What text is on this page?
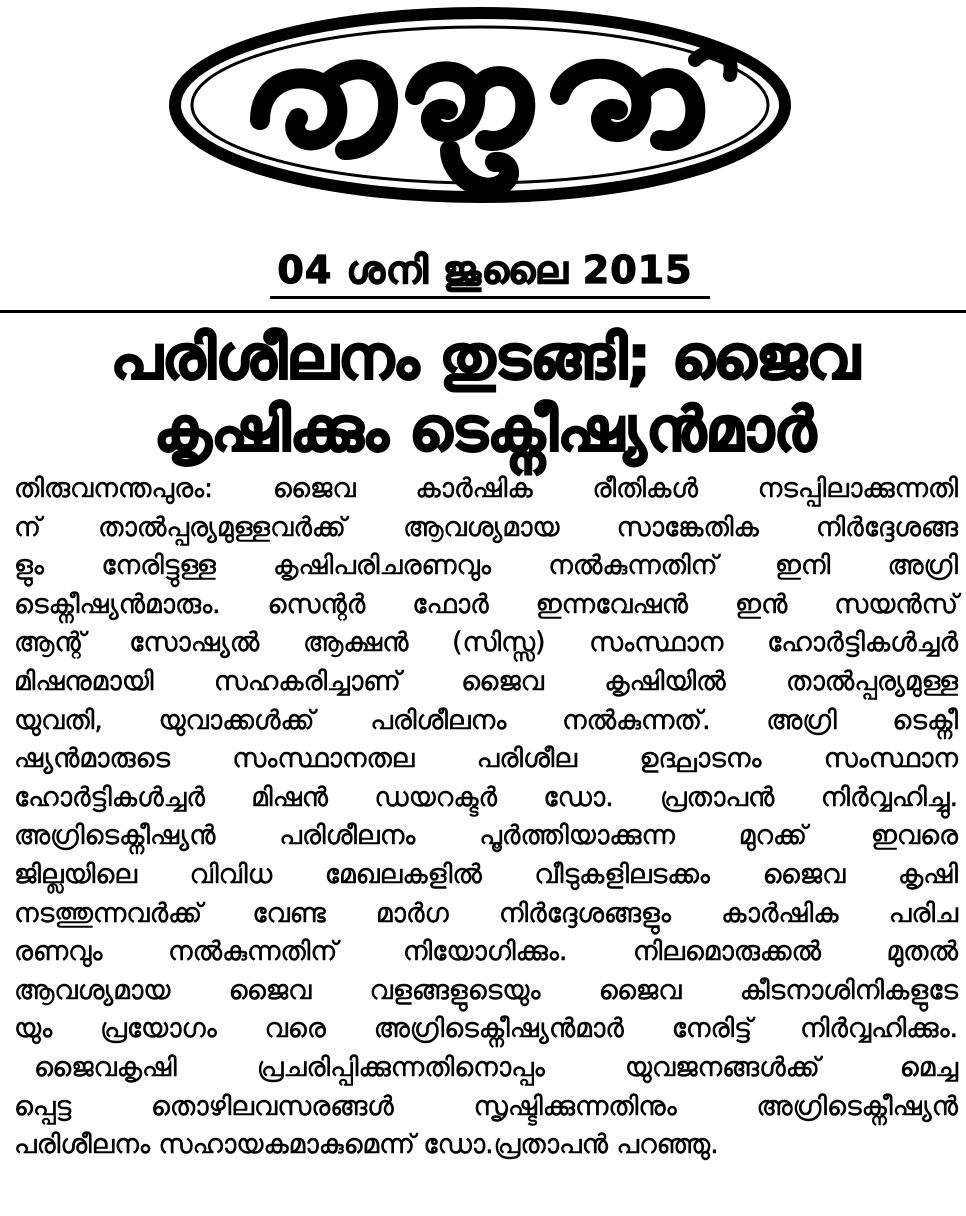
04 ശനി ജൂലൈ 2015
പരിശീലനം തുടങ്ങി; ജൈവ
കൃഷിക്കും ടെക്നീഷ്യൻമാർ
തിരുവനന്തപുരം: ജൈവ കാർഷിക രീതികൾ നടപ്പിലാക്കുന്നതി
ന് താൽപ്പര്യമുള്ളവർക്ക് ആവശ്യമായ സാങ്കേതിക നിർദ്ദേശങ്ങ
ളും നേരിട്ടുള്ള കൃഷിപരിചരണവും നൽകുന്നതിന് ഇനി അഗ്രി
ടെക്നീഷ്യൻമാരും. സെന്റർ ഫോർ ഇന്നവേഷൻ ഇൻ സയൻസ്
ആന്റ് സോഷ്യൽ ആക്ഷൻ (സിസ്സ) സംസ്ഥാന ഹോർട്ടികൾച്ചർ
മിഷനുമായി സഹകരിച്ചാണ് ജൈവ കൃഷിയിൽ താൽപ്പര്യമുള്ള
യുവതി, യുവാക്കൾക്ക് പരിശീലനം നൽകുന്നത്. അഗ്രി ടെക്നീ
ഷ്യൻമാരുടെ സംസ്ഥാനതല പരിശീല ഉദ്ഘാടനം സംസ്ഥാന
ഹോർട്ടികൾച്ചർ മിഷൻ ഡയറക്ടർ ഡോ. പ്രതാപൻ നിർവ്വഹിച്ചു.
അഗ്രിടെക്നീഷ്യൻ പരിശീലനം പൂർത്തിയാക്കുന്ന മുറക്ക് ഇവരെ
ജില്ലയിലെ വിവിധ മേഖലകളിൽ വീടുകളിലടക്കം ജൈവ കൃഷി
നടത്തുന്നവർക്ക് വേണ്ട മാർഗ നിർദ്ദേശങ്ങളും കാർഷിക പരിച
രണവും നൽകുന്നതിന് നിയോഗിക്കും. നിലമൊരുക്കൽ മുതൽ
ആവശ്യമായ ജൈവ വളങ്ങളുടെയും ജൈവ കീടനാശിനികളുടേ
യും പ്രയോഗം വരെ അഗ്രിടെക്നീഷ്യൻമാർ നേരിട്ട് നിർവ്വഹിക്കും.
ജൈവകൃഷി പ്രചരിപ്പിക്കുന്നതിനൊപ്പം യുവജനങ്ങൾക്ക് മെച്ച
പ്പെട്ട തൊഴിലവസരങ്ങൾ സൃഷ്ടിക്കുന്നതിനും അഗ്രിടെക്നീഷ്യൻ
പരിശീലനം സഹായകമാകുമെന്ന് ഡോ.പ്രതാപൻ പറഞ്ഞു.
